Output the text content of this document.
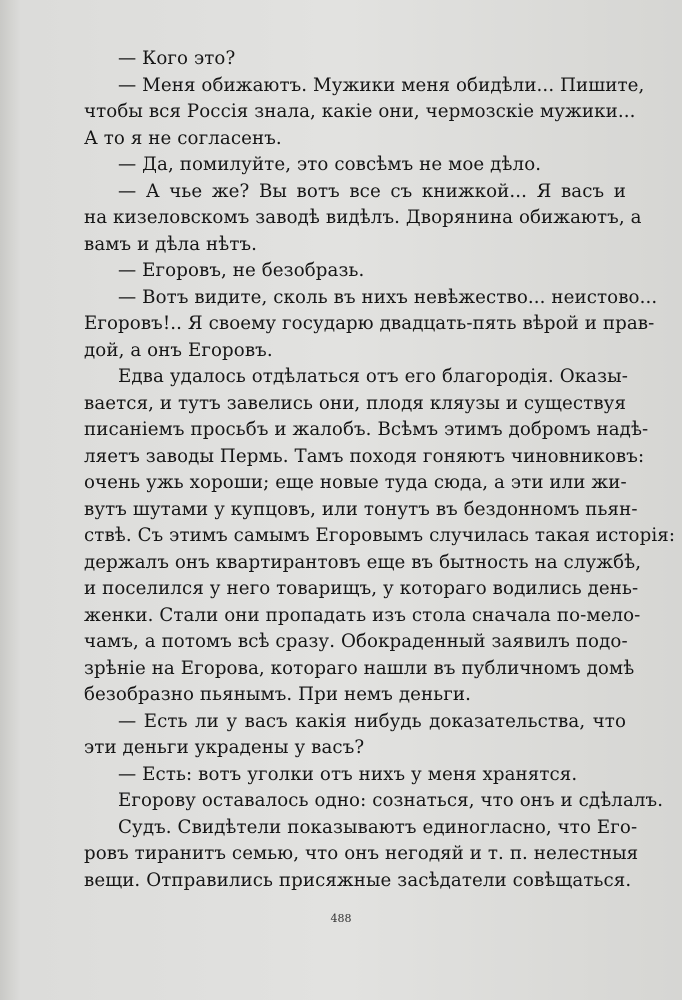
— Кого это?
— Меня обижаютъ. Мужики меня обидѣли... Пишите,
чтобы вся Россія знала, какіе они, чермозскіе мужики...
А то я не согласенъ.
— Да, помилуйте, это совсѣмъ не мое дѣло.
— А чье же? Вы вотъ все съ книжкой... Я васъ и
на кизеловскомъ заводѣ видѣлъ. Дворянина обижаютъ, а
вамъ и дѣла нѣтъ.
— Егоровъ, не безобразь.
— Вотъ видите, сколь въ нихъ невѣжество... неистово...
Егоровъ!.. Я своему государю двадцать-пять вѣрой и прав-
дой, а онъ Егоровъ.
Едва удалось отдѣлаться отъ его благородія. Оказы-
вается, и тутъ завелись они, плодя кляузы и существуя
писаніемъ просьбъ и жалобъ. Всѣмъ этимъ добромъ надѣ-
ляетъ заводы Пермь. Тамъ походя гоняютъ чиновниковъ:
очень ужь хороши; еще новые туда сюда, а эти или жи-
вутъ шутами у купцовъ, или тонутъ въ бездонномъ пьян-
ствѣ. Съ этимъ самымъ Егоровымъ случилась такая исторія:
держалъ онъ квартирантовъ еще въ бытность на службѣ,
и поселился у него товарищъ, у котораго водились день-
женки. Стали они пропадать изъ стола сначала по-мело-
чамъ, а потомъ всѣ сразу. Обокраденный заявилъ подо-
зрѣніе на Егорова, котораго нашли въ публичномъ домѣ
безобразно пьянымъ. При немъ деньги.
— Есть ли у васъ какія нибудь доказательства, что
эти деньги украдены у васъ?
— Есть: вотъ уголки отъ нихъ у меня хранятся.
Егорову оставалось одно: сознаться, что онъ и сдѣлалъ.
Судъ. Свидѣтели показываютъ единогласно, что Его-
ровъ тиранитъ семью, что онъ негодяй и т. п. нелестныя
вещи. Отправились присяжные засѣдатели совѣщаться.
488
